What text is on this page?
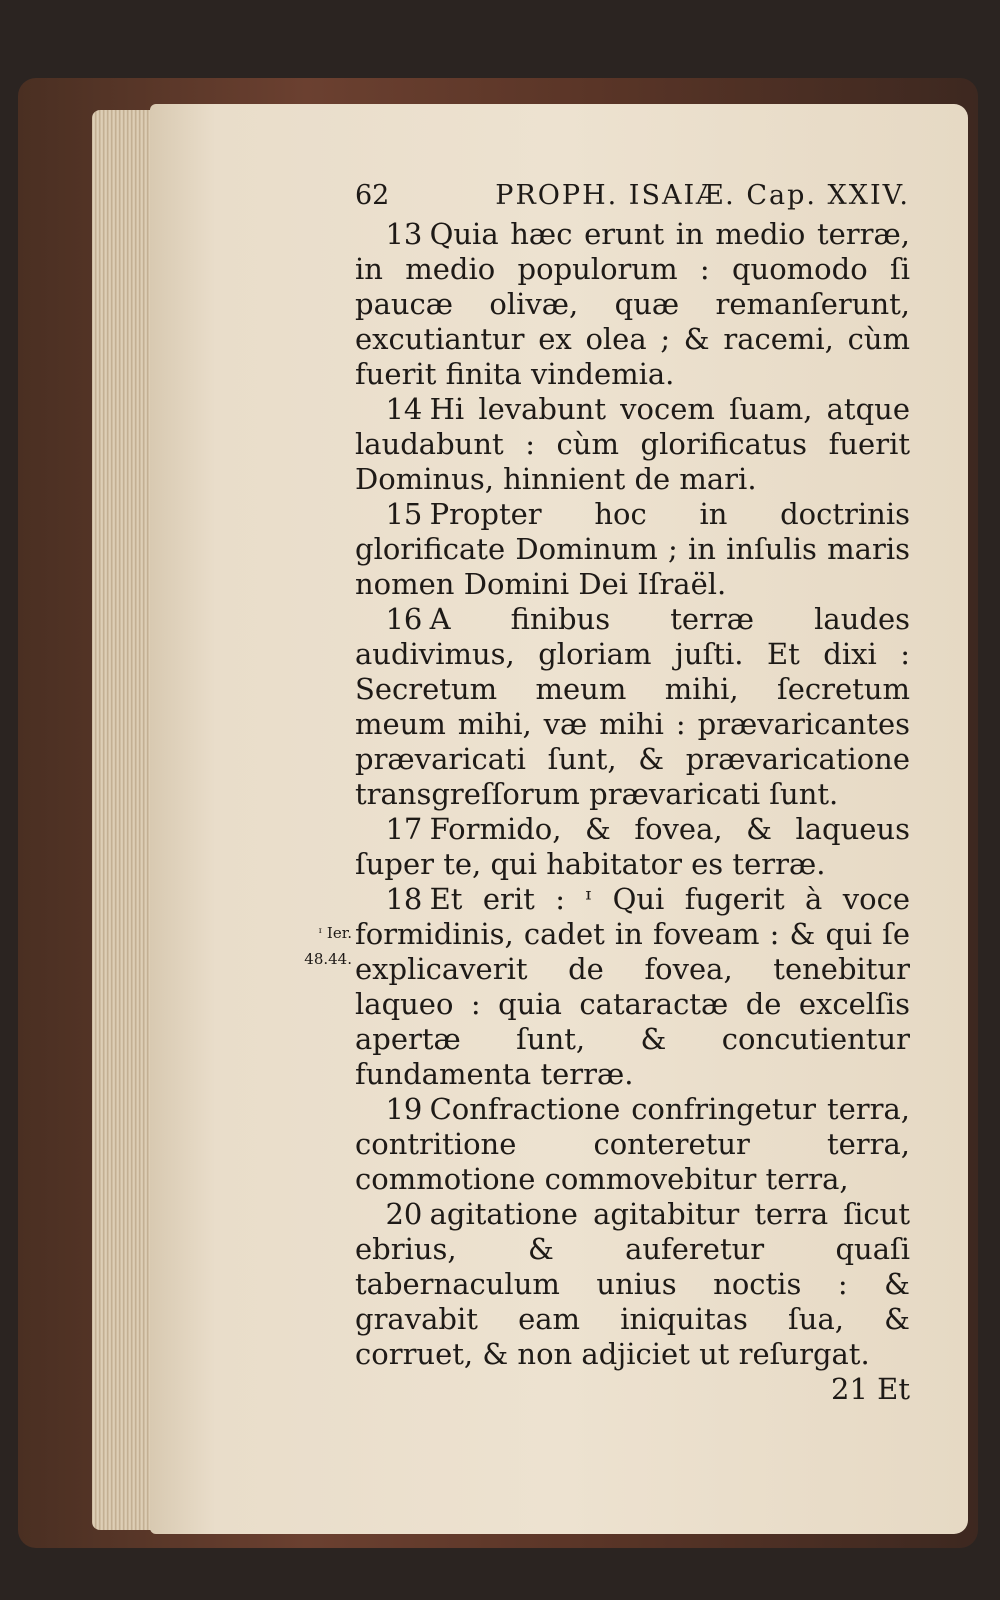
ᶦ Ier.
48.44.
62	PROPH. ISAIÆ. Cap. XXIV.

13 Quia hæc erunt in medio terræ, in medio populorum : quomodo ſi paucæ olivæ, quæ remanſerunt, excutiantur ex olea ; & racemi, cùm fuerit finita vindemia.

14 Hi levabunt vocem ſuam, atque laudabunt : cùm glorificatus fuerit Dominus, hinnient de mari.

15 Propter hoc in doctrinis glorificate Dominum ; in inſulis maris nomen Domini Dei Iſraël.

16 A finibus terræ laudes audivimus, gloriam juſti. Et dixi : Secretum meum mihi, ſecretum meum mihi, væ mihi : prævaricantes prævaricati ſunt, & prævaricatione transgreſſorum prævaricati ſunt.

17 Formido, & fovea, & laqueus ſuper te, qui habitator es terræ.

18 Et erit : ᶦ Qui fugerit à voce formidinis, cadet in foveam : & qui ſe explicaverit de fovea, tenebitur laqueo : quia cataractæ de excelſis apertæ ſunt, & concutientur fundamenta terræ.

19 Confractione confringetur terra, contritione conteretur terra, commotione commovebitur terra,

20 agitatione agitabitur terra ſicut ebrius, & auferetur quaſi tabernaculum unius noctis : & gravabit eam iniquitas ſua, & corruet, & non adjiciet ut reſurgat.

21 Et
